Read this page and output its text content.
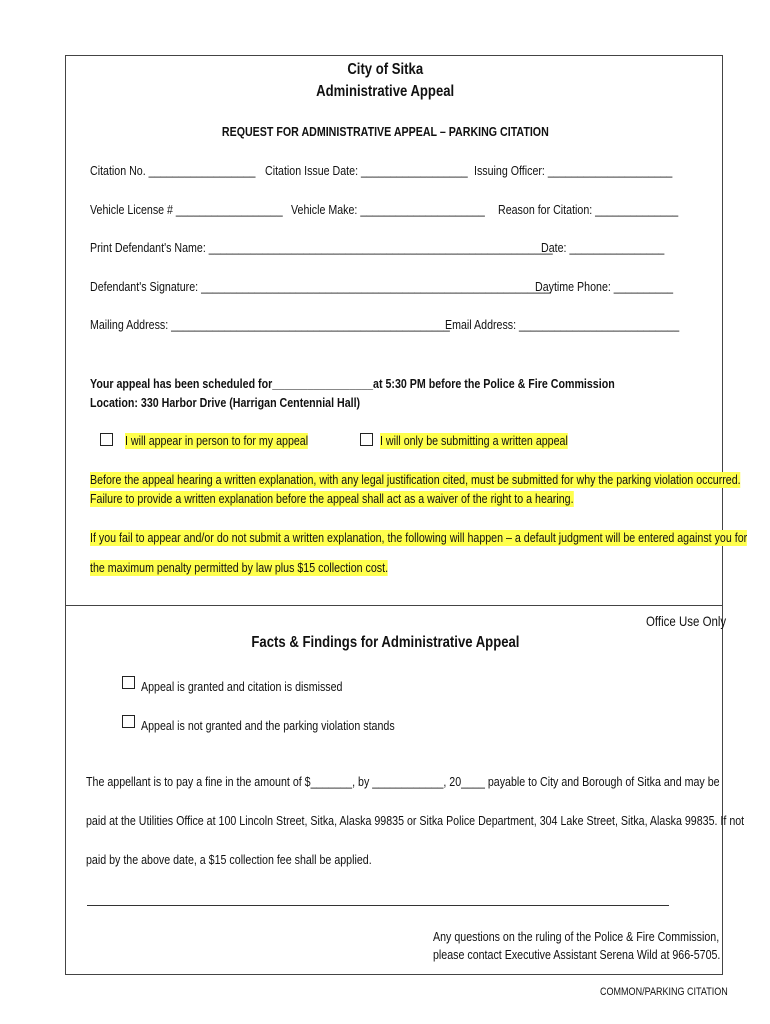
City of Sitka
Administrative Appeal
REQUEST FOR ADMINISTRATIVE APPEAL – PARKING CITATION
Citation No. __________________ Citation Issue Date: __________________ Issuing Officer: _____________________
Vehicle License # __________________ Vehicle Make: _____________________	Reason for Citation: ______________
Print Defendant's Name: __________________________________________________________
Date: ________________
Defendant's Signature: ___________________________________________________________
Daytime Phone: __________
Mailing Address: _______________________________________________
Email Address: ___________________________
Your appeal has been scheduled for_________________at 5:30 PM before the Police & Fire Commission
Location: 330 Harbor Drive (Harrigan Centennial Hall)
I will appear in person to for my appeal	I will only be submitting a written appeal
Before the appeal hearing a written explanation, with any legal justification cited, must be submitted for why the parking violation occurred.
Failure to provide a written explanation before the appeal shall act as a waiver of the right to a hearing.
If you fail to appear and/or do not submit a written explanation, the following will happen – a default judgment will be entered against you for
the maximum penalty permitted by law plus $15 collection cost.
Office Use Only
Facts & Findings for Administrative Appeal
Appeal is granted and citation is dismissed
Appeal is not granted and the parking violation stands
The appellant is to pay a fine in the amount of $_______, by ____________, 20____ payable to City and Borough of Sitka and may be
paid at the Utilities Office at 100 Lincoln Street, Sitka, Alaska 99835 or Sitka Police Department, 304 Lake Street, Sitka, Alaska 99835. If not
paid by the above date, a $15 collection fee shall be applied.
Any questions on the ruling of the Police & Fire Commission,
please contact Executive Assistant Serena Wild at 966-5705.
COMMON/PARKING CITATION
